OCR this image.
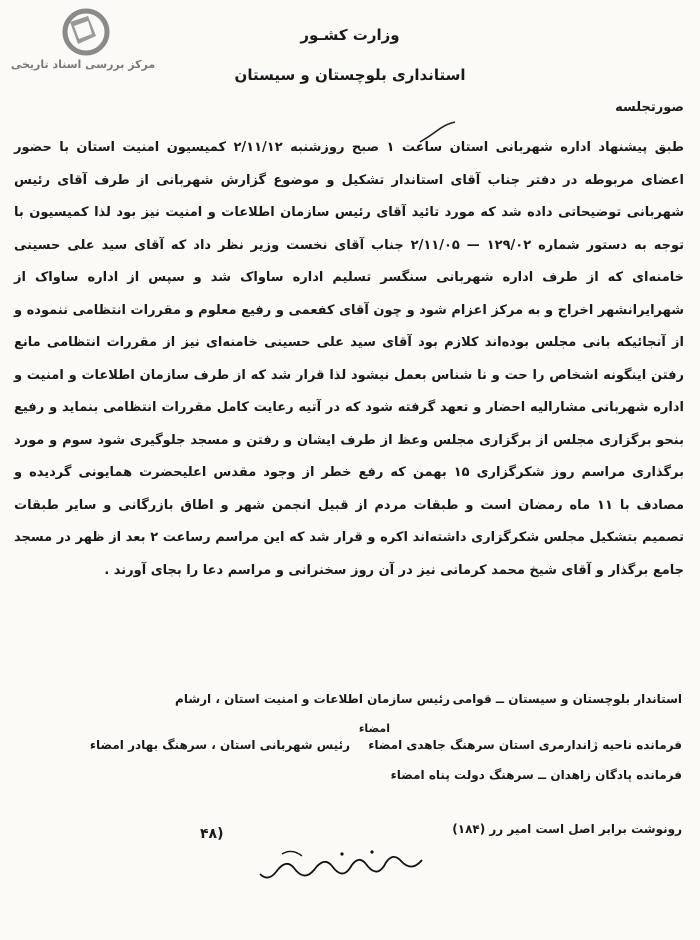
مرکز بررسی اسناد تاریخی
وزارت کشـور
استانداری بلوچستان و سیستان
صورتجلسه

طبق پیشنهاد اداره شهربانی استان ساعت ۱ صبح روزشنبه ۲/۱۱/۱۲ کمیسیون امنیت استان با حضور اعضای مربوطه در دفتر جناب آقای استاندار تشکیل و موضوع گزارش شهربانی از طرف آقای رئیس شهربانی توضیحاتی داده شد که مورد تائید آقای رئیس سازمان اطلاعات و امنیت نیز بود لذا کمیسیون با توجه به دستور شماره ۱۲۹/۰۲ — ۲/۱۱/۰۵ جناب آقای نخست وزیر نظر داد که آقای سید علی حسینی خامنه‌ای که از طرف اداره شهربانی سنگسر تسلیم اداره ساواک شد و سپس از اداره ساواک از شهرایرانشهر اخراج و به مرکز اعزام شود و چون آقای کفعمی و رفیع معلوم و مقررات انتظامی ننموده و از آنجائیکه بانی مجلس بوده‌اند کلازم بود آقای سید علی حسینی خامنه‌ای نیز از مقررات انتظامی مانع رفتن اینگونه اشخاص را حت و نا شناس بعمل نیشود لذا قرار شد که از طرف سازمان اطلاعات و امنیت و اداره شهربانی مشارالیه احضار و تعهد گرفته شود که در آتیه رعایت کامل مقررات انتظامی بنماید و رفیع بنحو برگزاری مجلس از برگزاری مجلس وعظ از طرف ایشان و رفتن و مسجد جلوگیری شود سوم و مورد برگذاری مراسم روز شکرگزاری ۱۵ بهمن که رفع خطر از وجود مقدس اعلیحضرت همایونی گردیده و مصادف با ۱۱ ماه رمضان است و طبقات مردم از قبیل انجمن شهر و اطاق بازرگانی و سایر طبقات تصمیم بتشکیل مجلس شکرگزاری داشته‌اند اکره و قرار شد که این مراسم رساعت ۲ بعد از ظهر در مسجد جامع برگذار و آقای شیخ محمد کرمانی نیز در آن روز سخنرانی و مراسم دعا را بجای آورند .

استاندار بلوچستان و سیستان ــ قوامی
رئیس سازمان اطلاعات و امنیت استان ، ارشام
امضاء
فرمانده ناحیه ژاندارمری استان سرهنگ جاهدی امضاء
رئیس شهربانی استان ، سرهنگ بهادر امضاء
فرمانده پادگان زاهدان ــ سرهنگ دولت پناه امضاء
رونوشت برابر اصل است امیر رر (۱۸۴)
۴۸)
